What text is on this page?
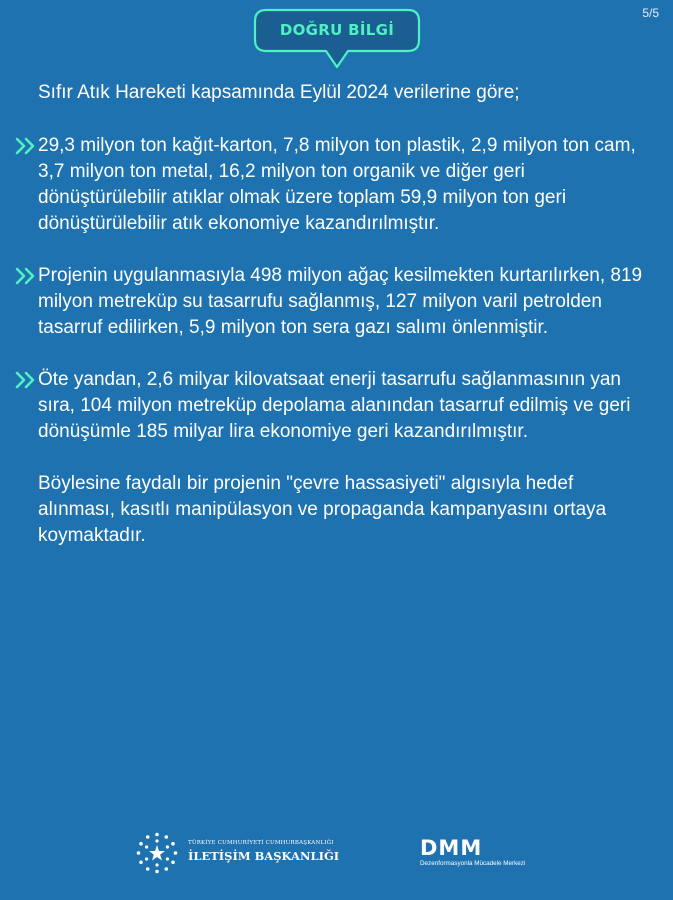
5/5
DOĞRU BİLGİ

Sıfır Atık Hareketi kapsamında Eylül 2024 verilerine göre;

29,3 milyon ton kağıt-karton, 7,8 milyon ton plastik, 2,9 milyon ton cam, 3,7 milyon ton metal, 16,2 milyon ton organik ve diğer geri dönüştürülebilir atıklar olmak üzere toplam 59,9 milyon ton geri dönüştürülebilir atık ekonomiye kazandırılmıştır.
Projenin uygulanmasıyla 498 milyon ağaç kesilmekten kurtarılırken, 819 milyon metreküp su tasarrufu sağlanmış, 127 milyon varil petrolden tasarruf edilirken, 5,9 milyon ton sera gazı salımı önlenmiştir.
Öte yandan, 2,6 milyar kilovatsaat enerji tasarrufu sağlanmasının yan sıra, 104 milyon metreküp depolama alanından tasarruf edilmiş ve geri dönüşümle 185 milyar lira ekonomiye geri kazandırılmıştır.

Böylesine faydalı bir projenin "çevre hassasiyeti" algısıyla hedef alınması, kasıtlı manipülasyon ve propaganda kampanyasını ortaya koymaktadır.

TÜRKİYE CUMHURİYETİ CUMHURBAŞKANLIĞI
İLETİŞİM BAŞKANLIĞI	DMM
Dezenformasyonla Mücadele Merkezi
